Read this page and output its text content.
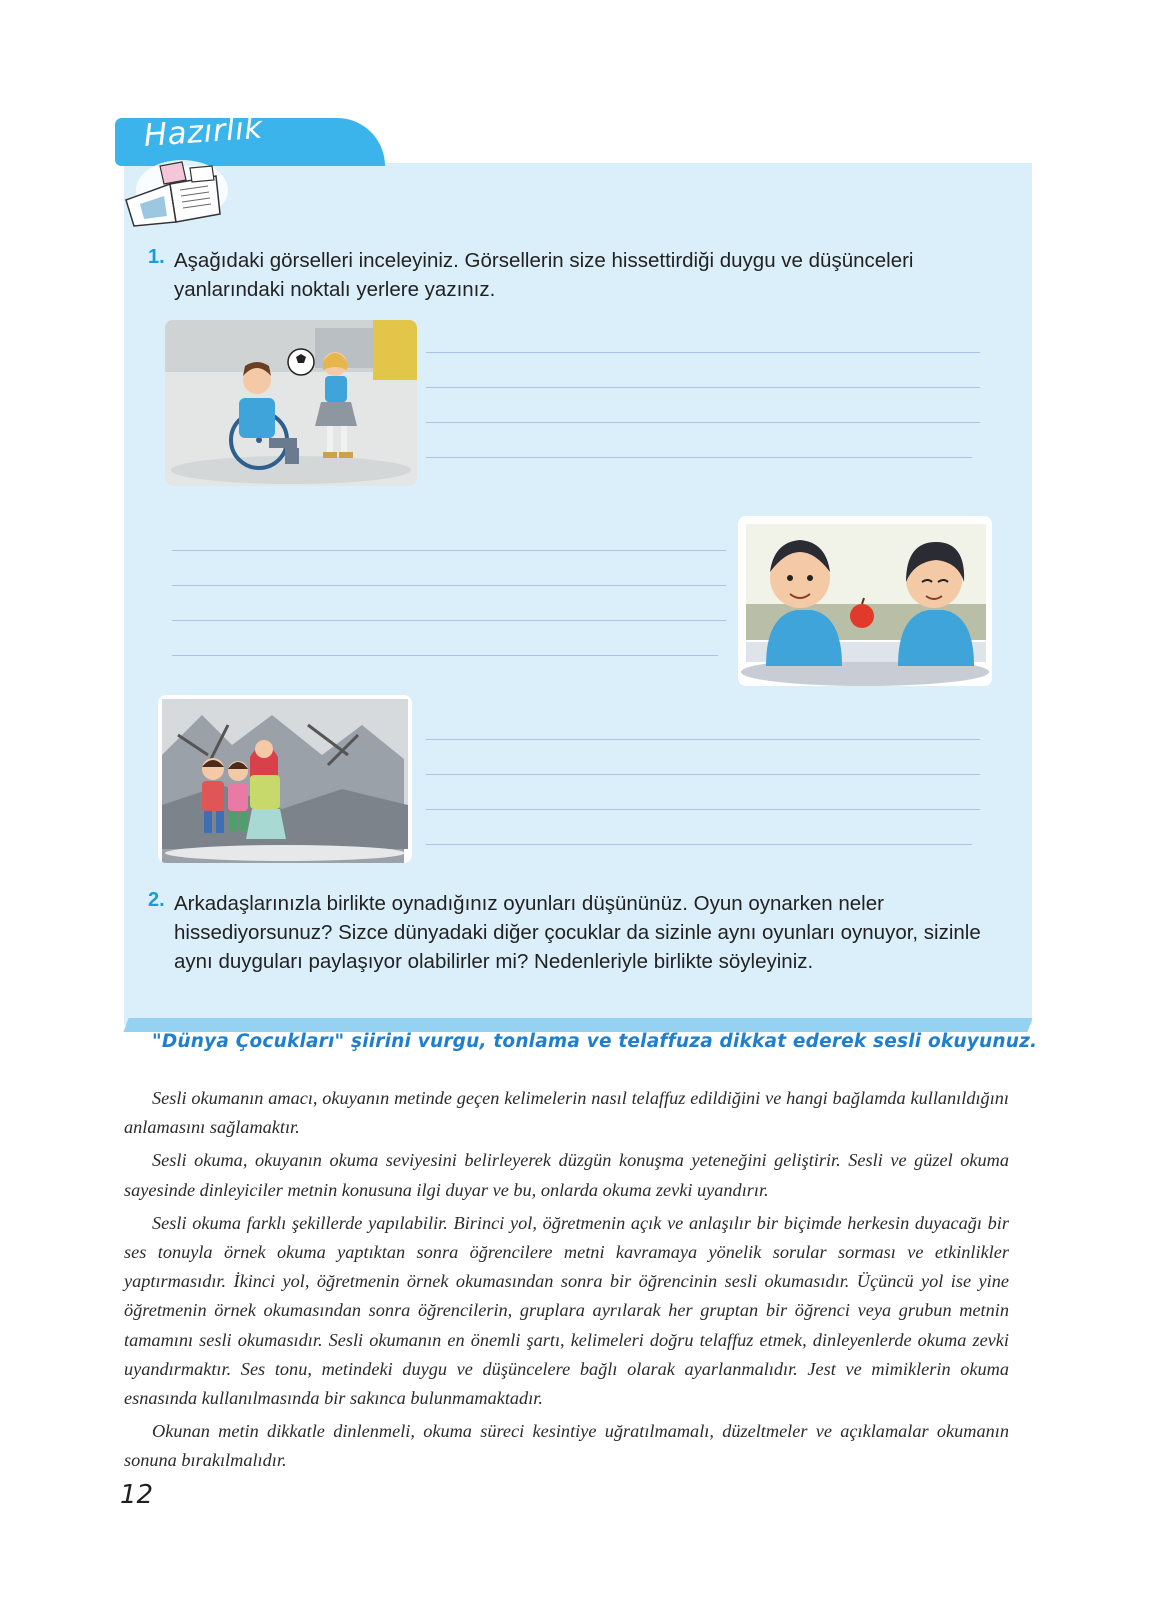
Hazırlık
1. Aşağıdaki görselleri inceleyiniz. Görsellerin size hissettirdiği duygu ve düşünceleri yanlarındaki noktalı yerlere yazınız.
2. Arkadaşlarınızla birlikte oynadığınız oyunları düşününüz. Oyun oynarken neler hissediyorsunuz? Sizce dünyadaki diğer çocuklar da sizinle aynı oyunları oynuyor, sizinle aynı duyguları paylaşıyor olabilirler mi? Nedenleriyle birlikte söyleyiniz.
"Dünya Çocukları" şiirini vurgu, tonlama ve telaffuza dikkat ederek sesli okuyunuz.

Sesli okumanın amacı, okuyanın metinde geçen kelimelerin nasıl telaffuz edildiğini ve hangi bağlamda kullanıldığını anlamasını sağlamaktır.

Sesli okuma, okuyanın okuma seviyesini belirleyerek düzgün konuşma yeteneğini geliştirir. Sesli ve güzel okuma sayesinde dinleyiciler metnin konusuna ilgi duyar ve bu, onlarda okuma zevki uyandırır.

Sesli okuma farklı şekillerde yapılabilir. Birinci yol, öğretmenin açık ve anlaşılır bir biçimde herkesin duyacağı bir ses tonuyla örnek okuma yaptıktan sonra öğrencilere metni kavramaya yönelik sorular sorması ve etkinlikler yaptırmasıdır. İkinci yol, öğretmenin örnek okumasından sonra bir öğrencinin sesli okumasıdır. Üçüncü yol ise yine öğretmenin örnek okumasından sonra öğrencilerin, gruplara ayrılarak her gruptan bir öğrenci veya grubun metnin tamamını sesli okumasıdır. Sesli okumanın en önemli şartı, kelimeleri doğru telaffuz etmek, dinleyenlerde okuma zevki uyandırmaktır. Ses tonu, metindeki duygu ve düşüncelere bağlı olarak ayarlanmalıdır. Jest ve mimiklerin okuma esnasında kullanılmasında bir sakınca bulunmamaktadır.

Okunan metin dikkatle dinlenmeli, okuma süreci kesintiye uğratılmamalı, düzeltmeler ve açıklamalar okumanın sonuna bırakılmalıdır.

12
